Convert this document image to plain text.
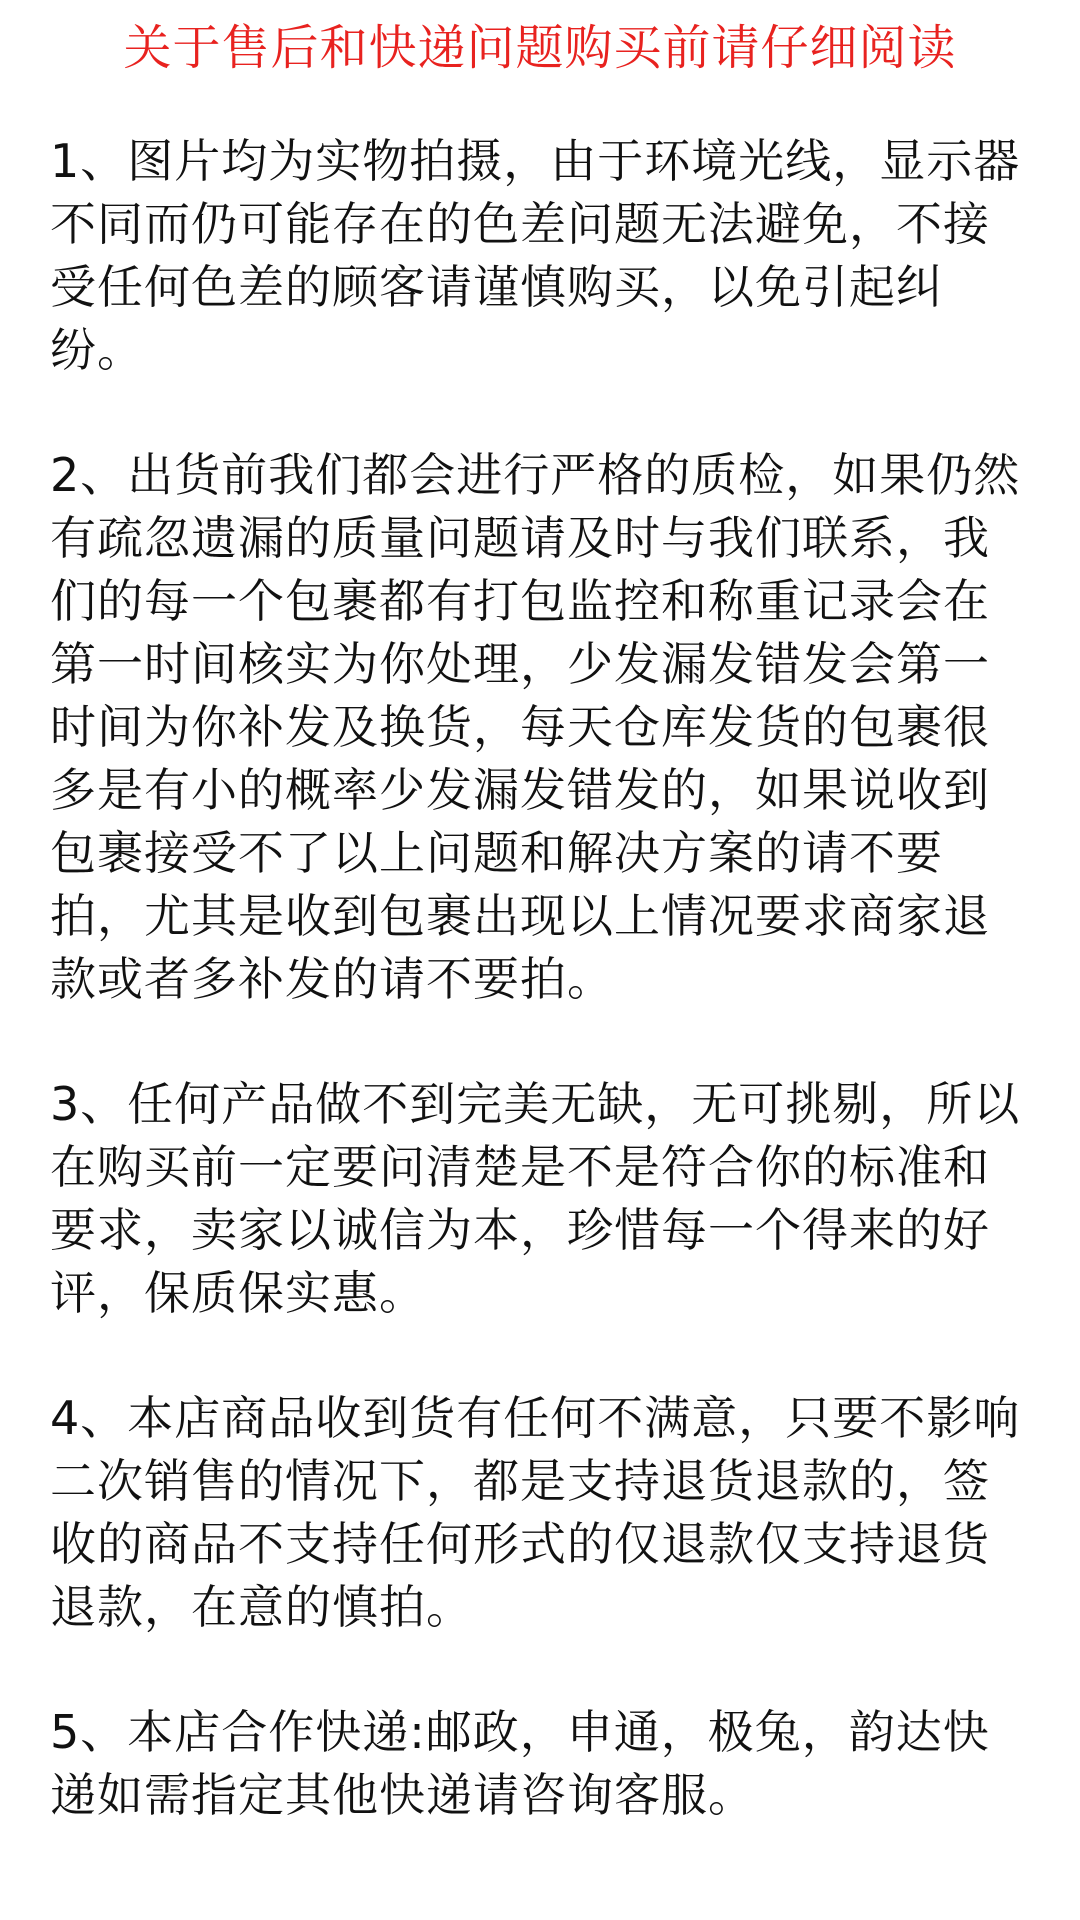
关于售后和快递问题购买前请仔细阅读

1、图片均为实物拍摄，由于环境光线，显示器不同而仍可能存在的色差问题无法避免，不接受任何色差的顾客请谨慎购买，以免引起纠纷。

2、出货前我们都会进行严格的质检，如果仍然有疏忽遗漏的质量问题请及时与我们联系，我们的每一个包裹都有打包监控和称重记录会在第一时间核实为你处理，少发漏发错发会第一时间为你补发及换货，每天仓库发货的包裹很多是有小的概率少发漏发错发的，如果说收到包裹接受不了以上问题和解决方案的请不要拍，尤其是收到包裹出现以上情况要求商家退款或者多补发的请不要拍。

3、任何产品做不到完美无缺，无可挑剔，所以在购买前一定要问清楚是不是符合你的标准和要求，卖家以诚信为本，珍惜每一个得来的好评，保质保实惠。

4、本店商品收到货有任何不满意，只要不影响二次销售的情况下，都是支持退货退款的，签收的商品不支持任何形式的仅退款仅支持退货退款，在意的慎拍。

5、本店合作快递:邮政，申通，极兔，韵达快递如需指定其他快递请咨询客服。
